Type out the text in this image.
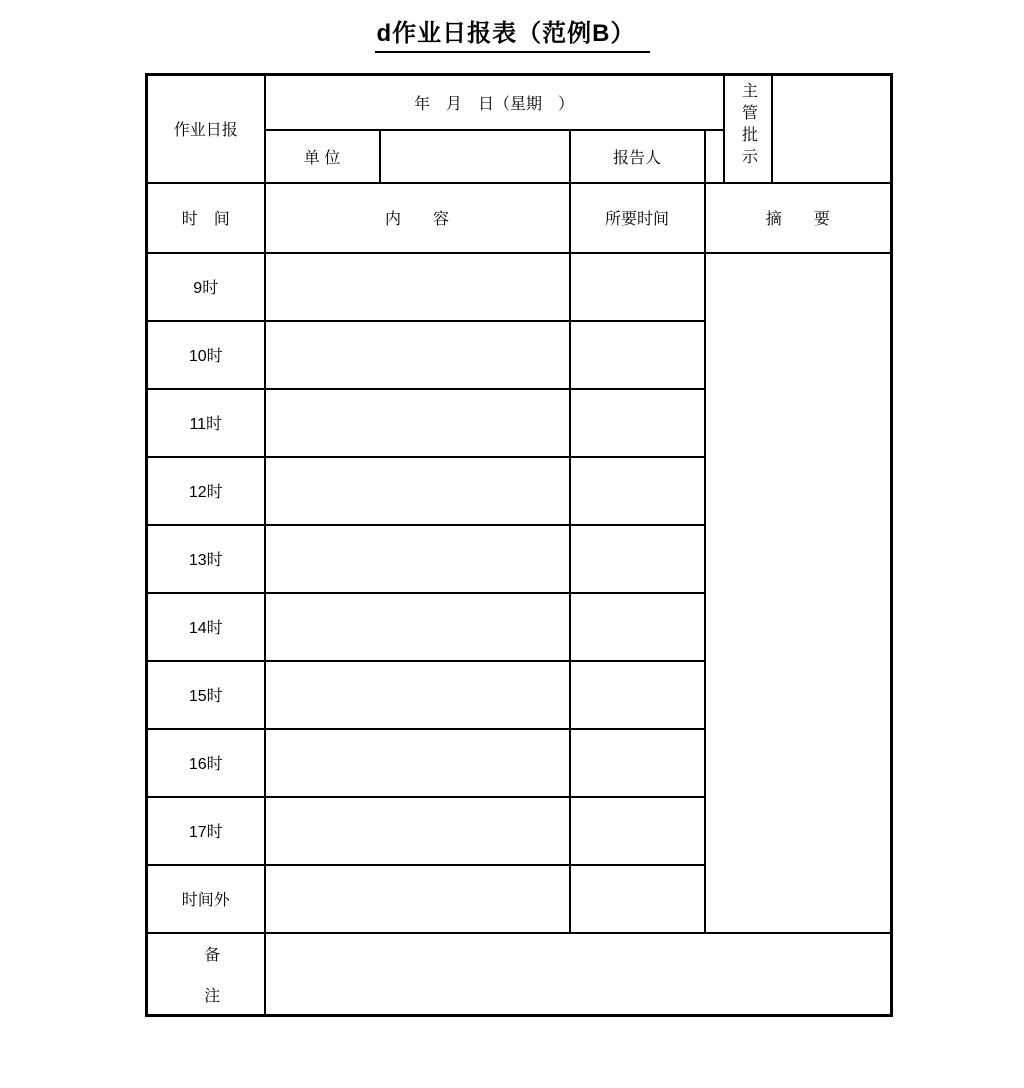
d作业日报表（范例B）
作业日报	年　月　日（星期　）				主管批示	
	单 位		报告人			
时　间	内　　容		所要时间	摘　　要		
9时						
10时						
11时						
12时						
13时						
14时						
15时						
16时						
17时						
时间外						

备
注						
